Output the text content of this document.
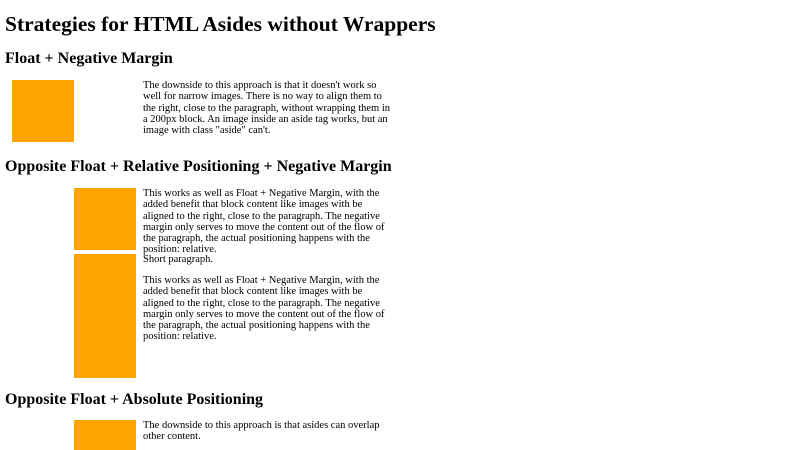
Strategies for HTML Asides without Wrappers
Float + Negative Margin

The downside to this approach is that it doesn't work so well for narrow images. There is no way to align them to the right, close to the paragraph, without wrapping them in a 200px block. An image inside an aside tag works, but an image with class "aside" can't.

Opposite Float + Relative Positioning + Negative Margin

This works as well as Float + Negative Margin, with the added benefit that block content like images with be aligned to the right, close to the paragraph. The negative margin only serves to move the content out of the flow of the paragraph, the actual positioning happens with the position: relative.

Short paragraph.

This works as well as Float + Negative Margin, with the added benefit that block content like images with be aligned to the right, close to the paragraph. The negative margin only serves to move the content out of the flow of the paragraph, the actual positioning happens with the position: relative.

Opposite Float + Absolute Positioning

The downside to this approach is that asides can overlap other content.
